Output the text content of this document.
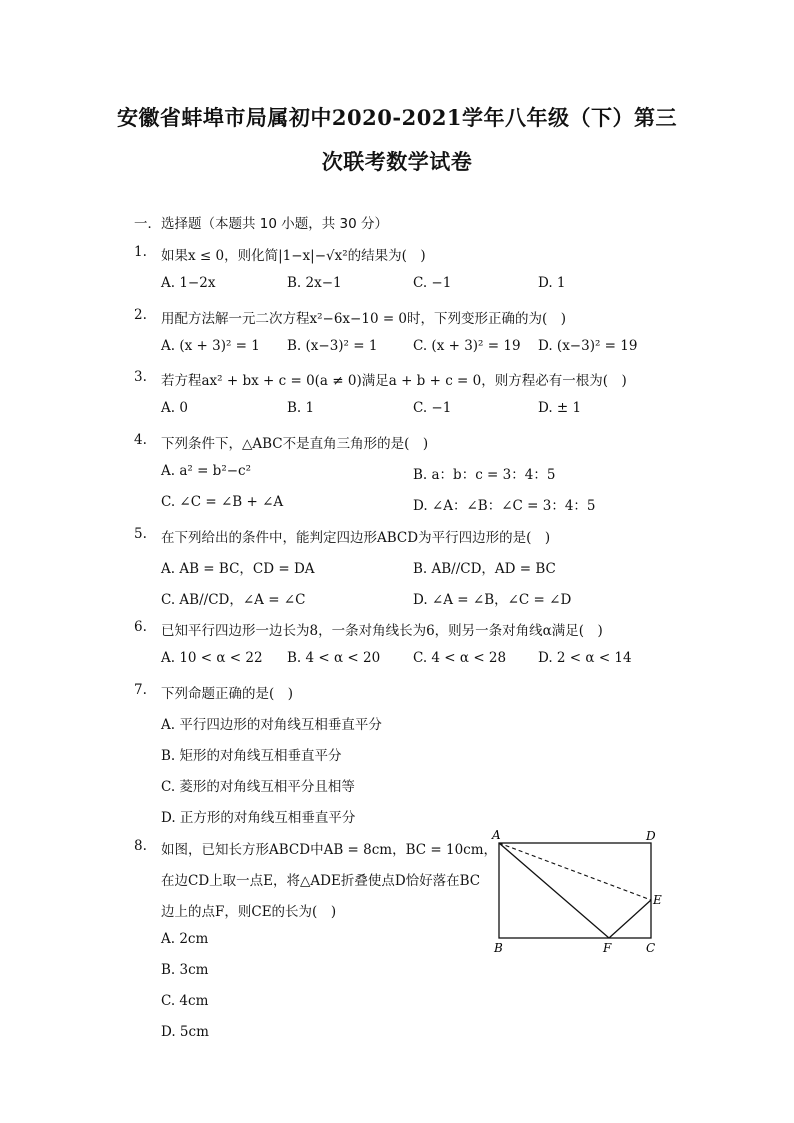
安徽省蚌埠市局属初中2020-2021学年八年级（下）第三
次联考数学试卷
一．选择题（本题共 10 小题，共 30 分）
1. 如果x ≤ 0，则化简|1−x|−√x²的结果为(　)
A. 1−2x	B. 2x−1	C. −1	D. 1
2. 用配方法解一元二次方程x²−6x−10 = 0时，下列变形正确的为(　)
A. (x + 3)² = 1 B. (x−3)² = 1	C. (x + 3)² = 19 D. (x−3)² = 19
3. 若方程ax² + bx + c = 0(a ≠ 0)满足a + b + c = 0，则方程必有一根为(　)
A. 0	B. 1	C. −1	D. ± 1
4. 下列条件下，△ABC不是直角三角形的是(　)
A. a² = b²−c²	B. a：b：c = 3：4：5
C. ∠C = ∠B + ∠A	D. ∠A：∠B：∠C = 3：4：5
5. 在下列给出的条件中，能判定四边形ABCD为平行四边形的是(　)
A. AB = BC，CD = DA	B. AB//CD，AD = BC
C. AB//CD，∠A = ∠C	D. ∠A = ∠B，∠C = ∠D
6. 已知平行四边形一边长为8，一条对角线长为6，则另一条对角线α满足(　)
A. 10 < α < 22 B. 4 < α < 20 C. 4 < α < 28 D. 2 < α < 14
7. 下列命题正确的是(　)
A. 平行四边形的对角线互相垂直平分
B. 矩形的对角线互相垂直平分
C. 菱形的对角线互相平分且相等
D. 正方形的对角线互相垂直平分
8. 如图，已知长方形ABCD中AB = 8cm，BC = 10cm，
在边CD上取一点E，将△ADE折叠使点D恰好落在BC
边上的点F，则CE的长为(　)
A. 2cm
B. 3cm
C. 4cm
D. 5cm
A	D
E
B	F	C
